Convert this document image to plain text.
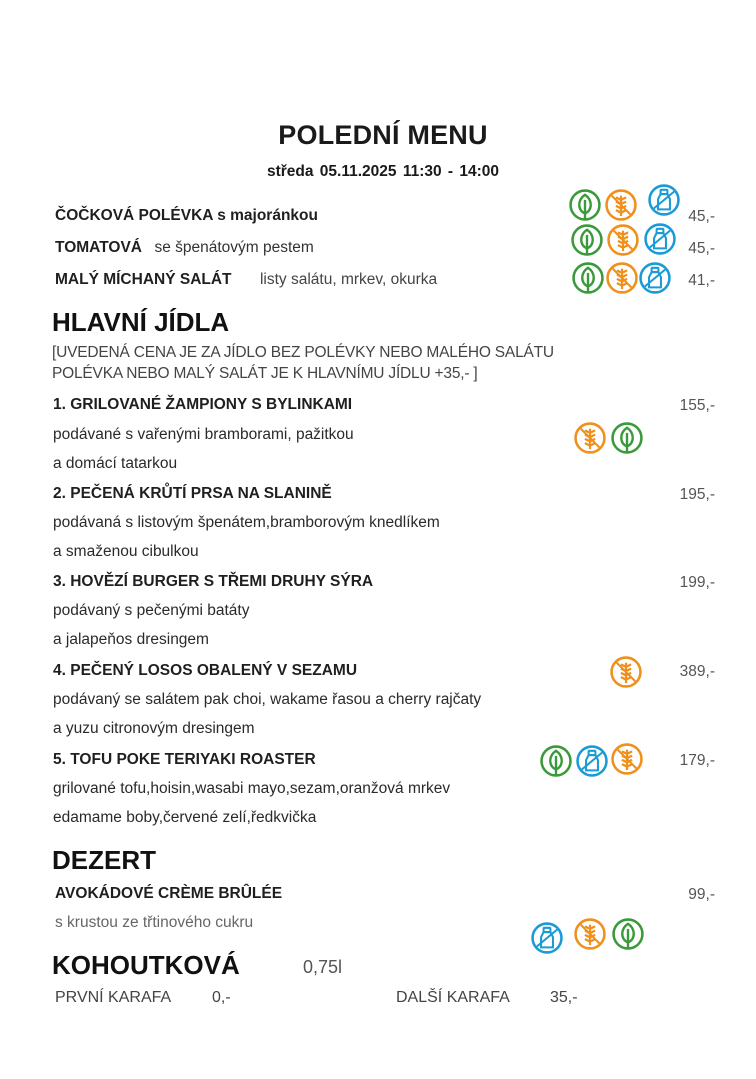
POLEDNÍ MENU
středa 05.11.2025 11:30 - 14:00
ČOČKOVÁ POLÉVKA s majoránkou	45,-
TOMATOVÁ se špenátovým pestem	45,-
MALÝ MÍCHANÝ SALÁT listy salátu, mrkev, okurka	41,-
HLAVNÍ JÍDLA
[UVEDENÁ CENA JE ZA JÍDLO BEZ POLÉVKY NEBO MALÉHO SALÁTU
POLÉVKA NEBO MALÝ SALÁT JE K HLAVNÍMU JÍDLU +35,- ]
1. GRILOVANÉ ŽAMPIONY S BYLINKAMI	155,-
podávané s vařenými bramborami, pažitkou
a domácí tatarkou
2. PEČENÁ KRŮTÍ PRSA NA SLANINĚ	195,-
podávaná s listovým špenátem,bramborovým knedlíkem
a smaženou cibulkou
3. HOVĚZÍ BURGER S TŘEMI DRUHY SÝRA	199,-
podávaný s pečenými batáty
a jalapeňos dresingem
4. PEČENÝ LOSOS OBALENÝ V SEZAMU	389,-
podávaný se salátem pak choi, wakame řasou a cherry rajčaty
a yuzu citronovým dresingem
5. TOFU POKE TERIYAKI ROASTER	179,-
grilované tofu,hoisin,wasabi mayo,sezam,oranžová mrkev
edamame boby,červené zelí,ředkvička
DEZERT
AVOKÁDOVÉ CRÈME BRÛLÉE	99,-
s krustou ze třtinového cukru
KOHOUTKOVÁ	0,75l
PRVNÍ KARAFA	0,-	DALŠÍ KARAFA	35,-
